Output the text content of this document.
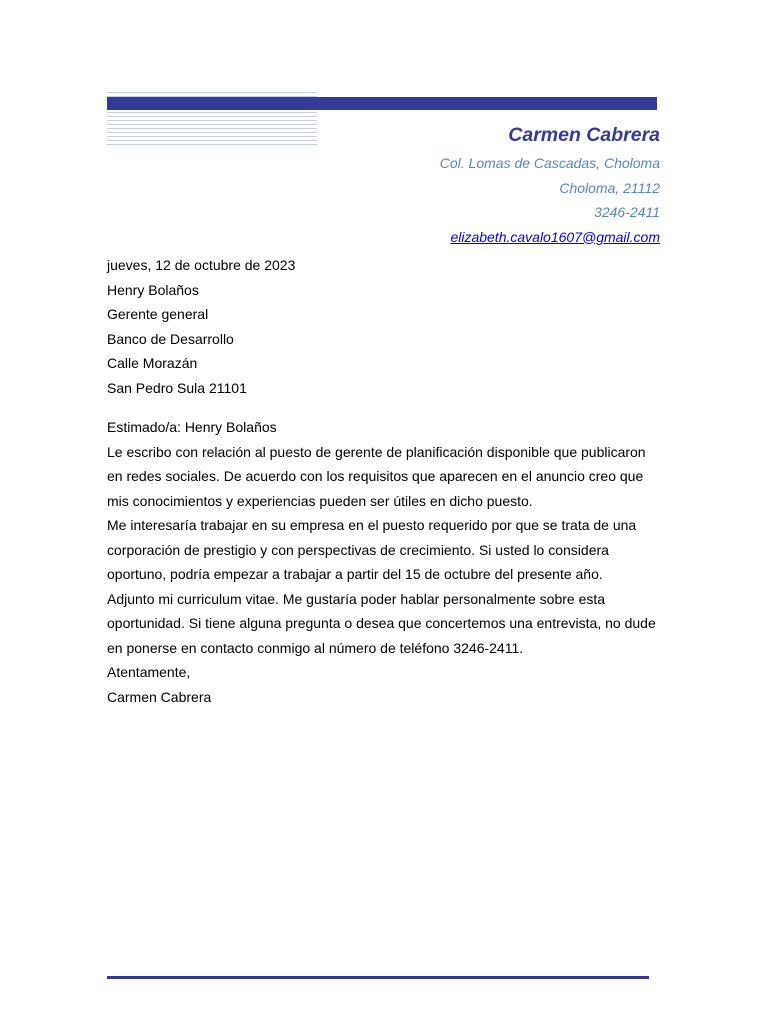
Carmen Cabrera
Col. Lomas de Cascadas, Choloma
Choloma, 21112
3246-2411
elizabeth.cavalo1607@gmail.com

jueves, 12 de octubre de 2023

Henry Bolaños
Gerente general
Banco de Desarrollo
Calle Morazán
San Pedro Sula 21101

Estimado/a: Henry Bolaños

Le escribo con relación al puesto de gerente de planificación disponible que publicaron en redes sociales. De acuerdo con los requisitos que aparecen en el anuncio creo que mis conocimientos y experiencias pueden ser útiles en dicho puesto.

Me interesaría trabajar en su empresa en el puesto requerido por que se trata de una corporación de prestigio y con perspectivas de crecimiento. Si usted lo considera oportuno, podría empezar a trabajar a partir del 15 de octubre del presente año.

Adjunto mi curriculum vitae. Me gustaría poder hablar personalmente sobre esta oportunidad. Si tiene alguna pregunta o desea que concertemos una entrevista, no dude en ponerse en contacto conmigo al número de teléfono 3246-2411.

Atentamente,

Carmen Cabrera
